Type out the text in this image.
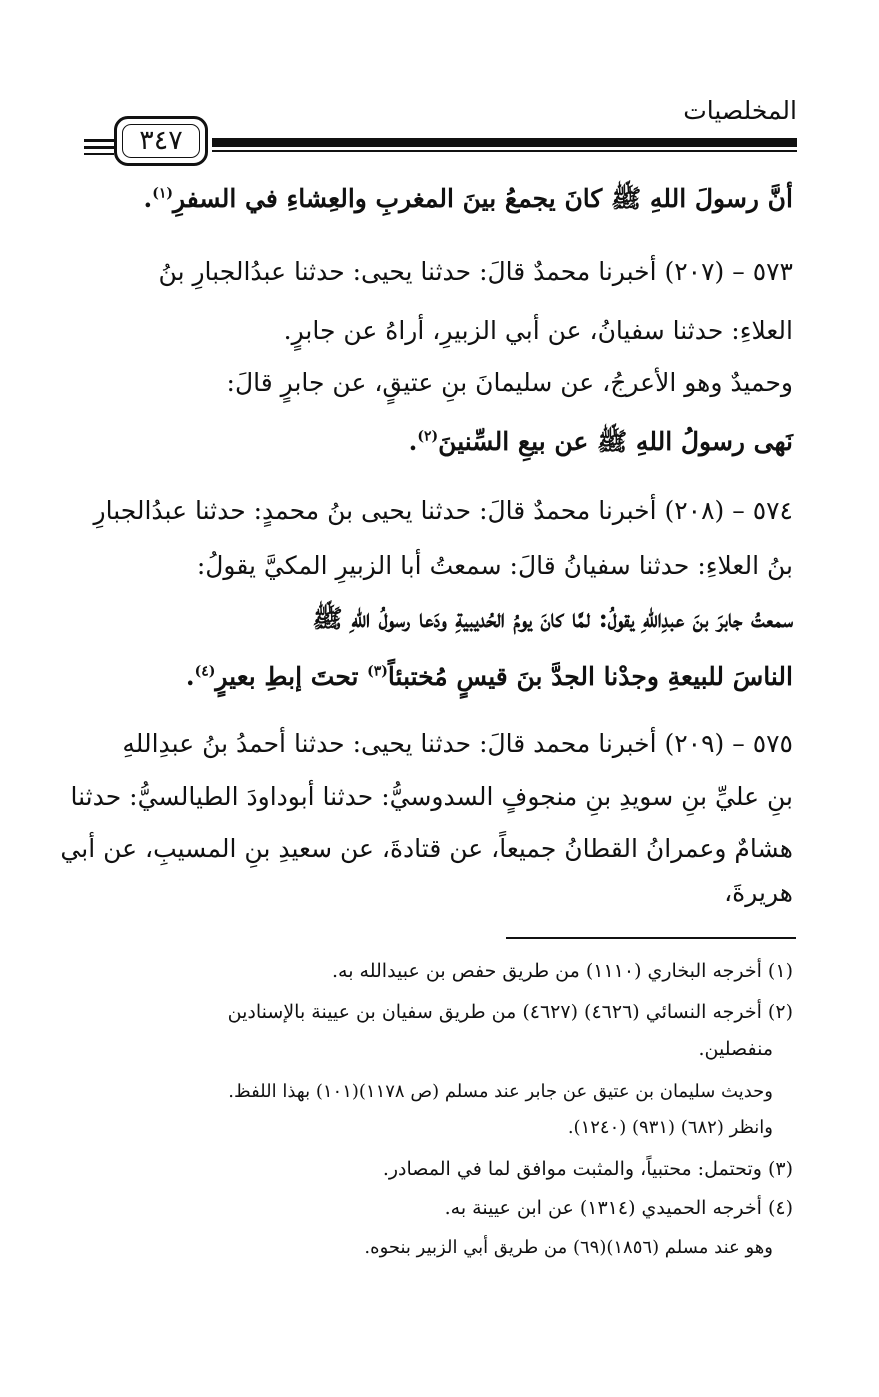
المخلصيات
٣٤٧
أنَّ رسولَ اللهِ ﷺ كانَ يجمعُ بينَ المغربِ والعِشاءِ في السفرِ$^{(١)}$.
٥٧٣ – (٢٠٧) أخبرنا محمدٌ قالَ: حدثنا يحيى: حدثنا عبدُالجبارِ بنُ
العلاءِ: حدثنا سفيانُ، عن أبي الزبيرِ، أراهُ عن جابرٍ.
وحميدٌ وهو الأعرجُ، عن سليمانَ بنِ عتيقٍ، عن جابرٍ قالَ:
نَهى رسولُ اللهِ ﷺ عن بيعِ السِّنينَ$^{(٢)}$.
٥٧٤ – (٢٠٨) أخبرنا محمدٌ قالَ: حدثنا يحيى بنُ محمدٍ: حدثنا عبدُالجبارِ
بنُ العلاءِ: حدثنا سفيانُ قالَ: سمعتُ أبا الزبيرِ المكيَّ يقولُ:
سمعتُ جابرَ بنَ عبدِاللهِ يقولُ: لمَّا كانَ يومُ الحُديبيةِ ودَعا رسولُ اللهِ ﷺ
الناسَ للبيعةِ وجدْنا الجدَّ بنَ قيسٍ مُختبئاً$^{(٣)}$ تحتَ إبطِ بعيرٍ$^{(٤)}$.
٥٧٥ – (٢٠٩) أخبرنا محمد قالَ: حدثنا يحيى: حدثنا أحمدُ بنُ عبدِاللهِ
بنِ عليِّ بنِ سويدِ بنِ منجوفٍ السدوسيُّ: حدثنا أبوداودَ الطيالسيُّ: حدثنا
هشامٌ وعمرانُ القطانُ جميعاً، عن قتادةَ، عن سعيدِ بنِ المسيبِ، عن أبي
هريرةَ،
(١) أخرجه البخاري (١١١٠) من طريق حفص بن عبيدالله به.
(٢) أخرجه النسائي (٤٦٢٦) (٤٦٢٧) من طريق سفيان بن عيينة بالإسنادين
منفصلين.
وحديث سليمان بن عتيق عن جابر عند مسلم (ص ١١٧٨)(١٠١) بهذا اللفظ.
وانظر (٦٨٢) (٩٣١) (١٢٤٠).
(٣) وتحتمل: محتبياً، والمثبت موافق لما في المصادر.
(٤) أخرجه الحميدي (١٣١٤) عن ابن عيينة به.
وهو عند مسلم (١٨٥٦)(٦٩) من طريق أبي الزبير بنحوه.
